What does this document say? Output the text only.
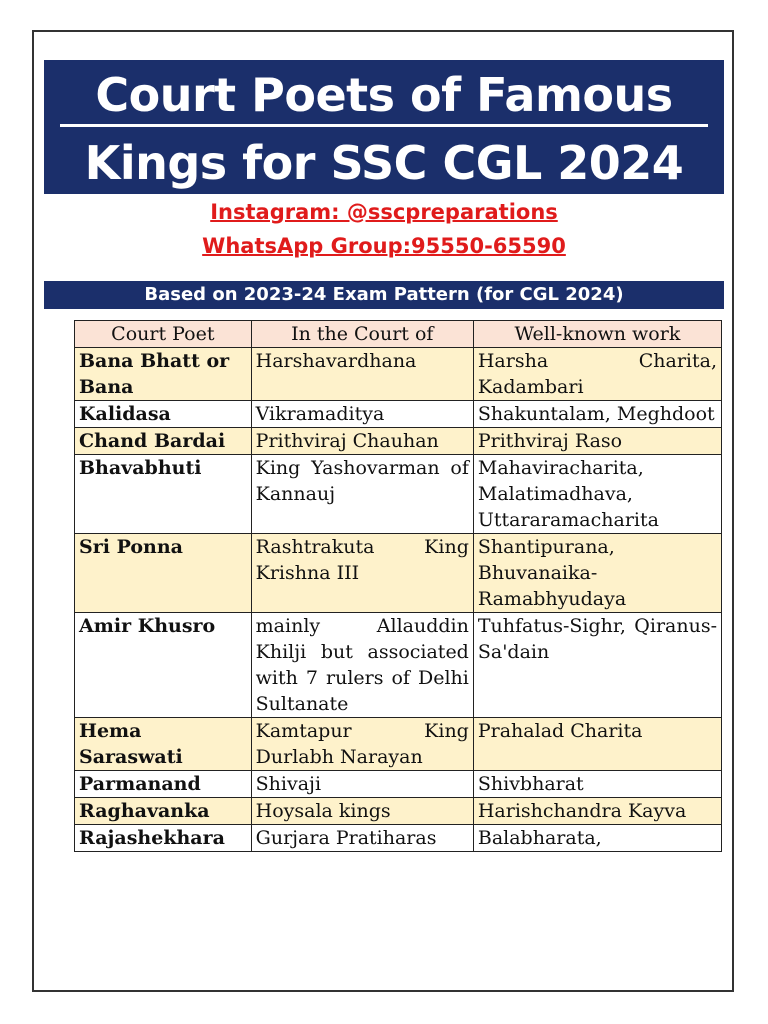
Court Poets of Famous
Kings for SSC CGL 2024
Instagram: @sscpreparations
WhatsApp Group:95550-65590
Based on 2023-24 Exam Pattern (for CGL 2024)
Court Poet	In the Court of	Well-known work
Bana Bhatt or Bana	Harshavardhana	Harsha Charita, Kadambari
Kalidasa	Vikramaditya	Shakuntalam, Meghdoot
Chand Bardai	Prithviraj Chauhan	Prithviraj Raso
Bhavabhuti	King Yashovarman of Kannauj	Mahaviracharita, Malatimadhava, Uttararamacharita
Sri Ponna	Rashtrakuta King Krishna III	Shantipurana, Bhuvanaika-Ramabhyudaya
Amir Khusro	mainly Allauddin Khilji but associated with 7 rulers of Delhi Sultanate	Tuhfatus-Sighr, Qiranus-Sa'dain
Hema Saraswati	Kamtapur King Durlabh Narayan	Prahalad Charita
Parmanand	Shivaji	Shivbharat
Raghavanka	Hoysala kings	Harishchandra Kayva
Rajashekhara	Gurjara Pratiharas	Balabharata,
